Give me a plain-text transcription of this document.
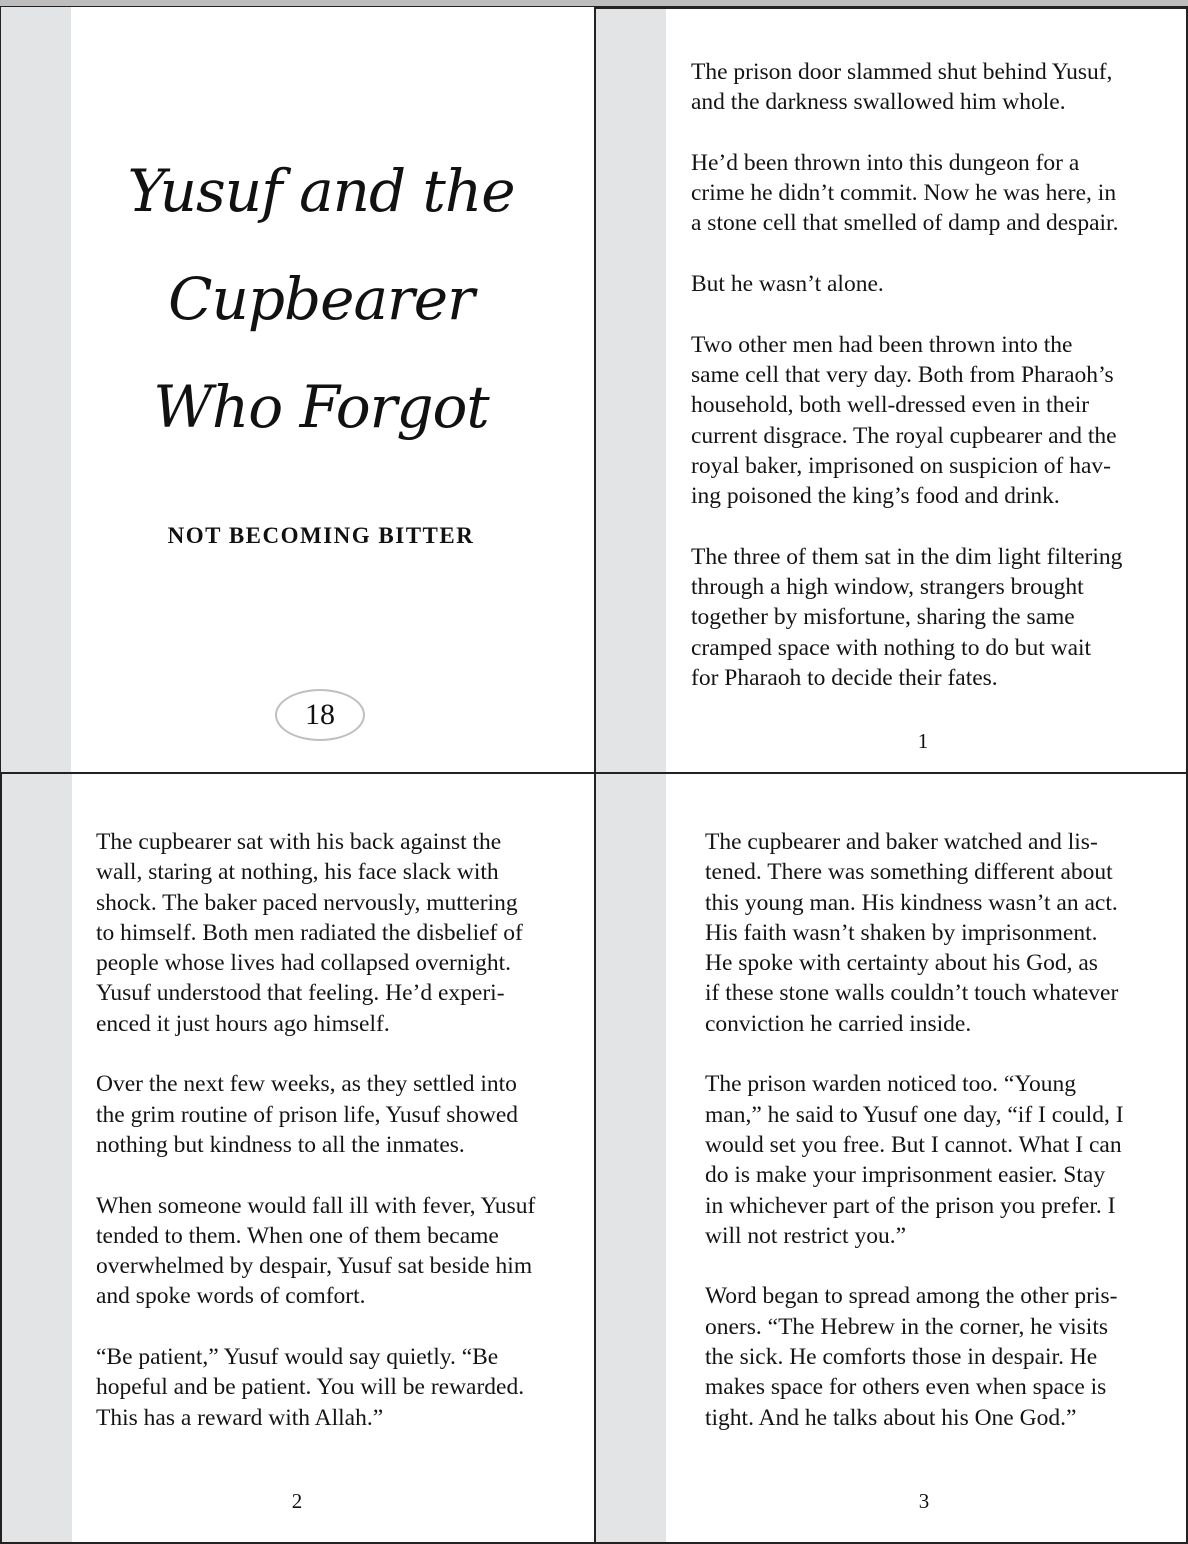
Yusuf and the
Cupbearer
Who Forgot
NOT BECOMING BITTER
18
The prison door slammed shut behind Yusuf,
and the darkness swallowed him whole.
He’d been thrown into this dungeon for a
crime he didn’t commit. Now he was here, in
a stone cell that smelled of damp and despair.
But he wasn’t alone.
Two other men had been thrown into the
same cell that very day. Both from Pharaoh’s
household, both well-dressed even in their
current disgrace. The royal cupbearer and the
royal baker, imprisoned on suspicion of hav-
ing poisoned the king’s food and drink.
The three of them sat in the dim light filtering
through a high window, strangers brought
together by misfortune, sharing the same
cramped space with nothing to do but wait
for Pharaoh to decide their fates.
1
The cupbearer sat with his back against the
wall, staring at nothing, his face slack with
shock. The baker paced nervously, muttering
to himself. Both men radiated the disbelief of
people whose lives had collapsed overnight.
Yusuf understood that feeling. He’d experi-
enced it just hours ago himself.
Over the next few weeks, as they settled into
the grim routine of prison life, Yusuf showed
nothing but kindness to all the inmates.
When someone would fall ill with fever, Yusuf
tended to them. When one of them became
overwhelmed by despair, Yusuf sat beside him
and spoke words of comfort.
“Be patient,” Yusuf would say quietly. “Be
hopeful and be patient. You will be rewarded.
This has a reward with Allah.”
2
The cupbearer and baker watched and lis-
tened. There was something different about
this young man. His kindness wasn’t an act.
His faith wasn’t shaken by imprisonment.
He spoke with certainty about his God, as
if these stone walls couldn’t touch whatever
conviction he carried inside.
The prison warden noticed too. “Young
man,” he said to Yusuf one day, “if I could, I
would set you free. But I cannot. What I can
do is make your imprisonment easier. Stay
in whichever part of the prison you prefer. I
will not restrict you.”
Word began to spread among the other pris-
oners. “The Hebrew in the corner, he visits
the sick. He comforts those in despair. He
makes space for others even when space is
tight. And he talks about his One God.”
3
